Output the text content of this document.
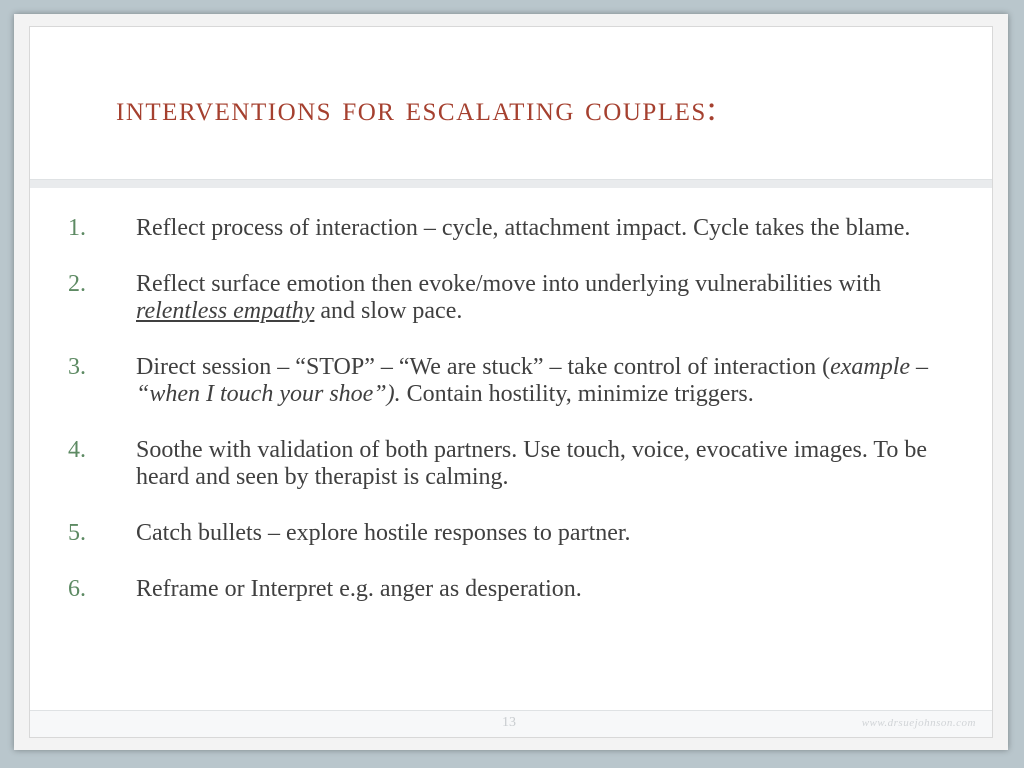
interventions for escalating couples:
1.	Reflect process of interaction – cycle, attachment impact. Cycle takes the blame.

2.	Reflect surface emotion then evoke/move into underlying vulnerabilities with relentless empathy and slow pace.

3.	Direct session – “STOP” – “We are stuck” – take control of interaction (example – “when I touch your shoe”). Contain hostility, minimize triggers.

4.	Soothe with validation of both partners. Use touch, voice, evocative images. To be heard and seen by therapist is calming.

5.	Catch bullets – explore hostile responses to partner.

6.	Reframe or Interpret e.g. anger as desperation.

13	www.drsuejohnson.com
